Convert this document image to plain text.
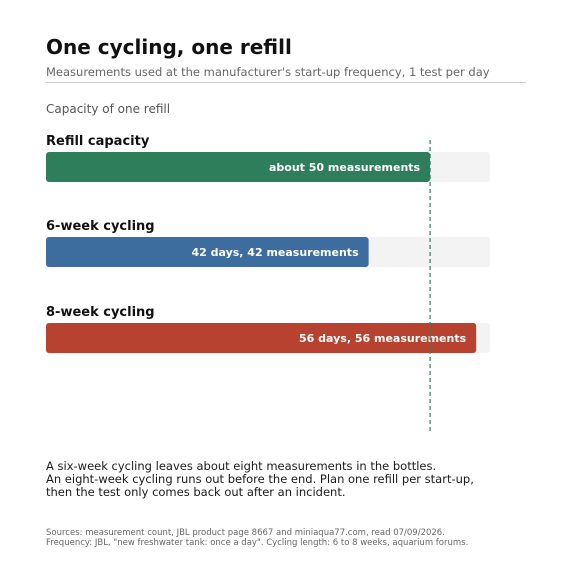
One cycling, one refill
Measurements used at the manufacturer's start-up frequency, 1 test per day
Capacity of one refill
Refill capacity
about 50 measurements
6-week cycling
42 days, 42 measurements
8-week cycling
56 days, 56 measurements
A six-week cycling leaves about eight measurements in the bottles.
An eight-week cycling runs out before the end. Plan one refill per start-up,
then the test only comes back out after an incident.
Sources: measurement count, JBL product page 8667 and miniaqua77.com, read 07/09/2026.
Frequency: JBL, "new freshwater tank: once a day". Cycling length: 6 to 8 weeks, aquarium forums.
